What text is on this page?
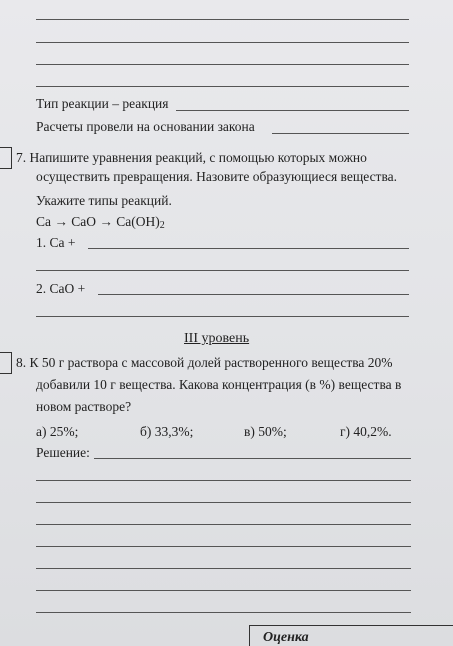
Тип реакции – реакция
Расчеты провели на основании закона
7. Напишите уравнения реакций, с помощью которых можно
осуществить превращения. Назовите образующиеся вещества.
Укажите типы реакций.
Ca → CaO → $Ca(OH)_2$
1. Ca +
2. CaO +
III уровень
8. К 50 г раствора с массовой долей растворенного вещества 20%
добавили 10 г вещества. Какова концентрация (в %) вещества в
новом растворе?
а) 25%;	б) 33,3%;	в) 50%;	г) 40,2%.
Решение:
Оценка
